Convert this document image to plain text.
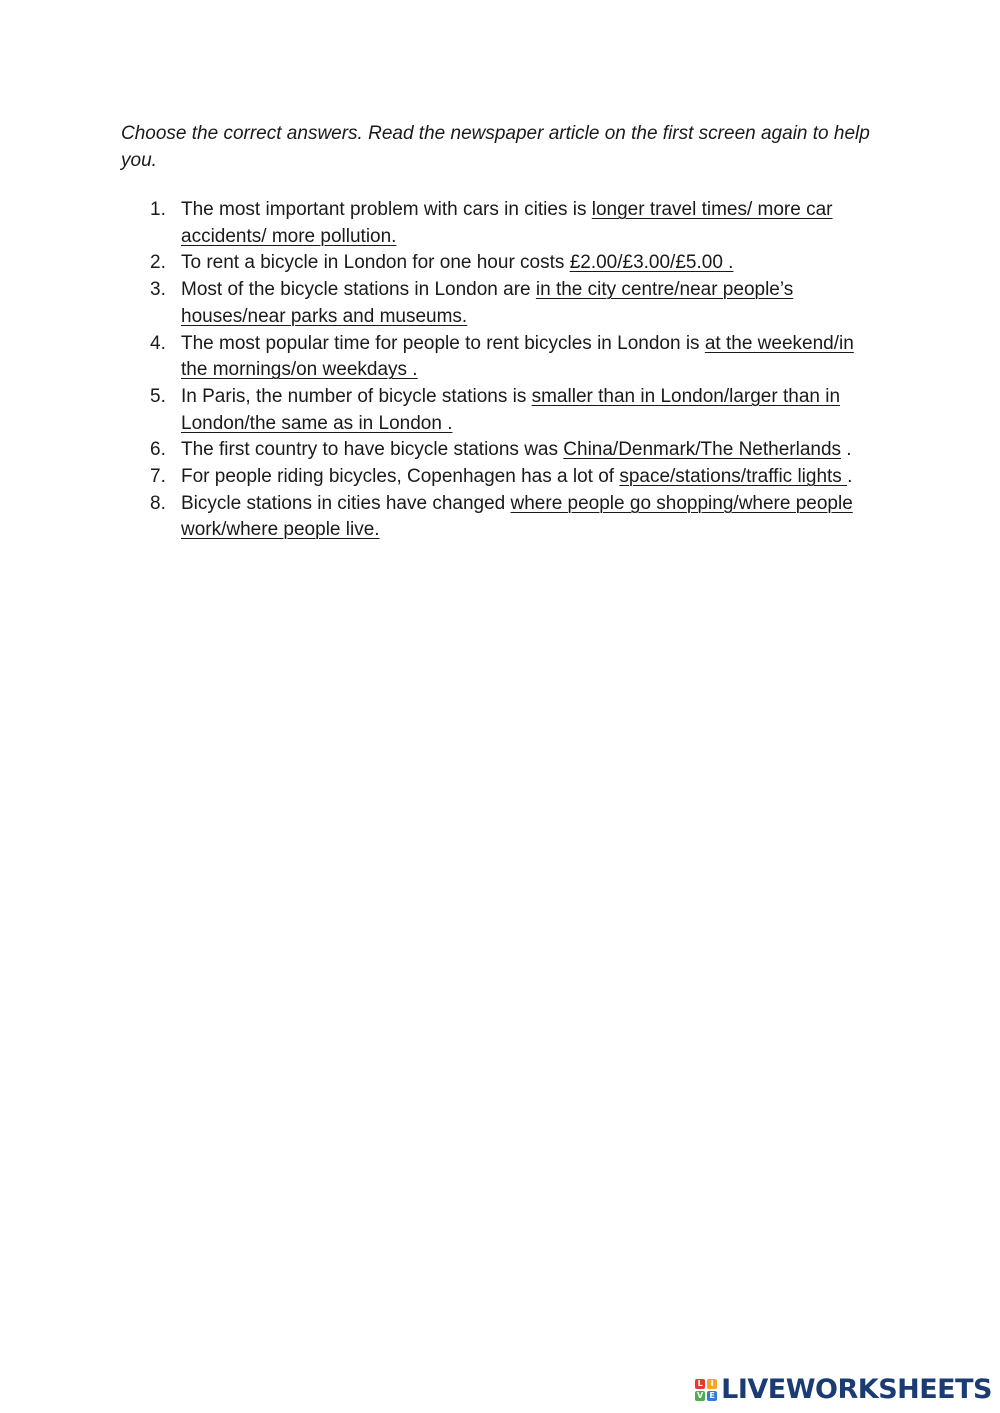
Choose the correct answers. Read the newspaper article on the first screen again to help you.

1. The most important problem with cars in cities is longer travel times/ more car accidents/ more pollution.
2. To rent a bicycle in London for one hour costs £2.00/£3.00/£5.00 .
3. Most of the bicycle stations in London are in the city centre/near people’s houses/near parks and museums.
4. The most popular time for people to rent bicycles in London is at the weekend/in the mornings/on weekdays .
5. In Paris, the number of bicycle stations is smaller than in London/larger than in London/the same as in London .
6. The first country to have bicycle stations was China/Denmark/The Netherlands .
7. For people riding bicycles, Copenhagen has a lot of space/stations/traffic lights .
8. Bicycle stations in cities have changed where people go shopping/where people work/where people live.
L I
V E LIVEWORKSHEETS
